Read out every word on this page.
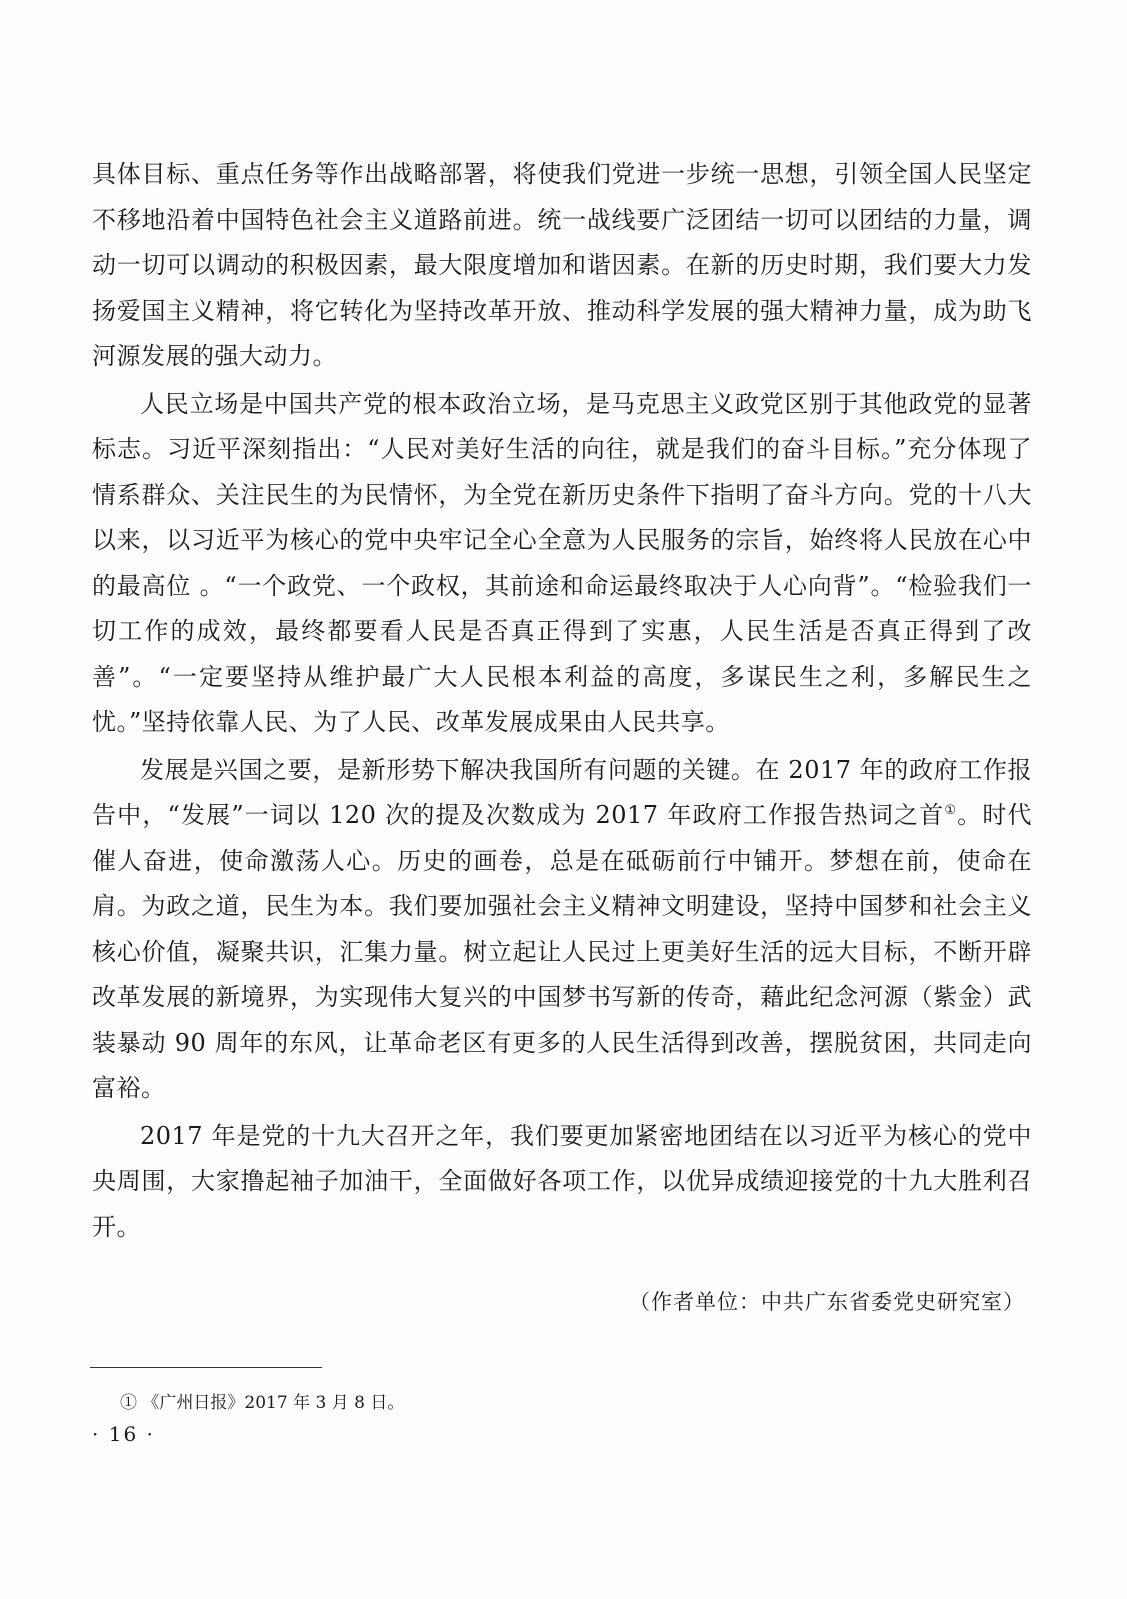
具体目标、重点任务等作出战略部署，将使我们党进一步统一思想，引领全国人民坚定不移地沿着中国特色社会主义道路前进。统一战线要广泛团结一切可以团结的力量，调动一切可以调动的积极因素，最大限度增加和谐因素。在新的历史时期，我们要大力发扬爱国主义精神，将它转化为坚持改革开放、推动科学发展的强大精神力量，成为助飞河源发展的强大动力。

人民立场是中国共产党的根本政治立场，是马克思主义政党区别于其他政党的显著标志。习近平深刻指出：“人民对美好生活的向往，就是我们的奋斗目标。”充分体现了情系群众、关注民生的为民情怀，为全党在新历史条件下指明了奋斗方向。党的十八大以来，以习近平为核心的党中央牢记全心全意为人民服务的宗旨，始终将人民放在心中的最高位 。“一个政党、一个政权，其前途和命运最终取决于人心向背”。“检验我们一切工作的成效，最终都要看人民是否真正得到了实惠，人民生活是否真正得到了改善”。“一定要坚持从维护最广大人民根本利益的高度，多谋民生之利，多解民生之忧。”坚持依靠人民、为了人民、改革发展成果由人民共享。

发展是兴国之要，是新形势下解决我国所有问题的关键。在 2017 年的政府工作报告中，“发展”一词以 120 次的提及次数成为 2017 年政府工作报告热词之首①。时代催人奋进，使命激荡人心。历史的画卷，总是在砥砺前行中铺开。梦想在前，使命在肩。为政之道，民生为本。我们要加强社会主义精神文明建设，坚持中国梦和社会主义核心价值，凝聚共识，汇集力量。树立起让人民过上更美好生活的远大目标，不断开辟改革发展的新境界，为实现伟大复兴的中国梦书写新的传奇，藉此纪念河源（紫金）武装暴动 90 周年的东风，让革命老区有更多的人民生活得到改善，摆脱贫困，共同走向富裕。

2017 年是党的十九大召开之年，我们要更加紧密地团结在以习近平为核心的党中央周围，大家撸起袖子加油干，全面做好各项工作，以优异成绩迎接党的十九大胜利召开。

（作者单位：中共广东省委党史研究室）
① 《广州日报》2017 年 3 月 8 日。
· 16 ·
